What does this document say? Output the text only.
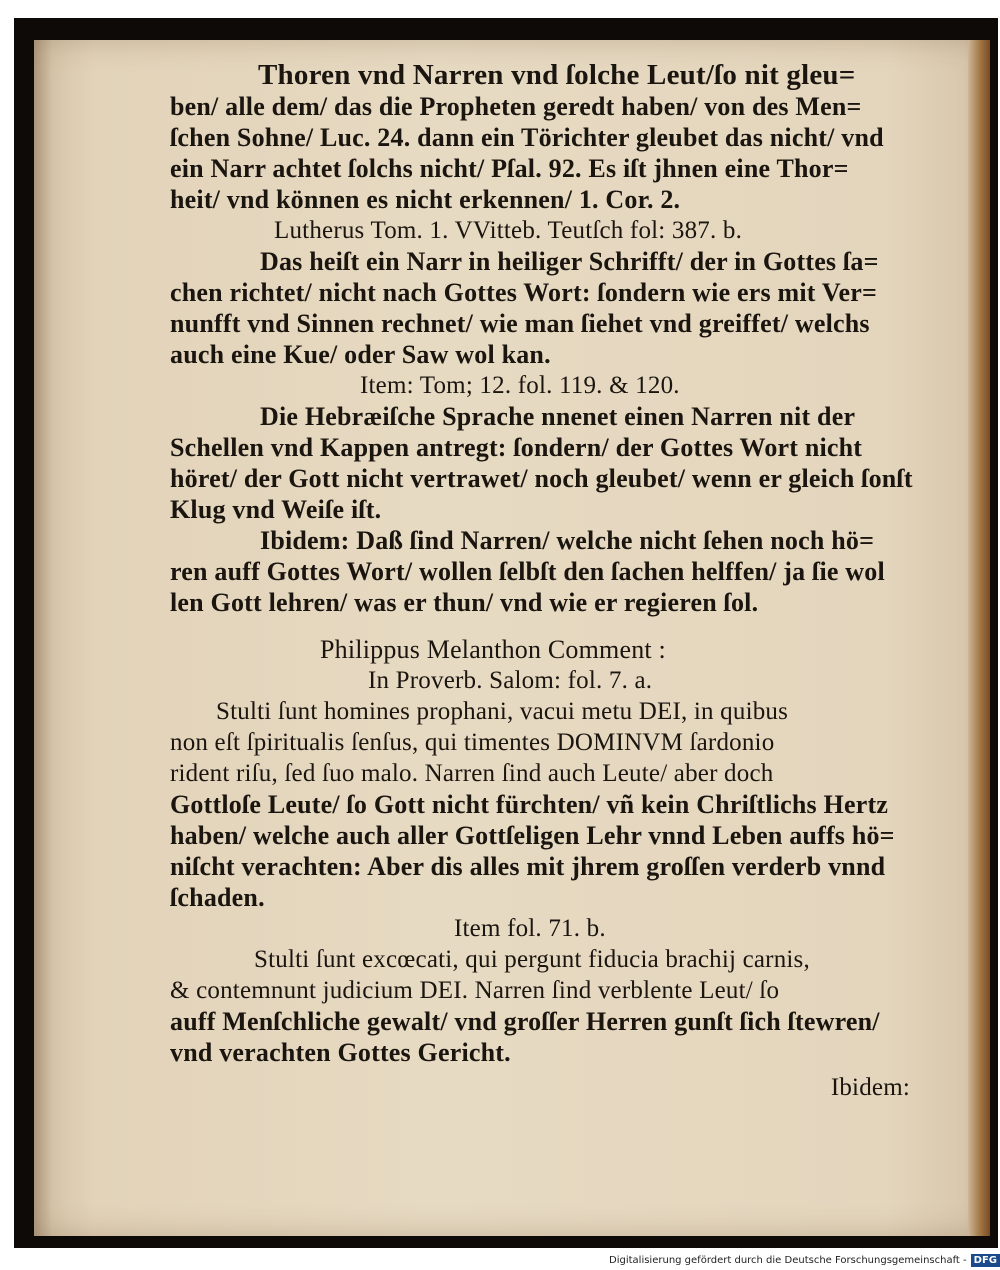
Thoren vnd Narren vnd ſolche Leut/ſo nit gleu=
ben/ alle dem/ das die Propheten geredt haben/ von des Men=
ſchen Sohne/ Luc. 24. dann ein Törichter gleubet das nicht/ vnd
ein Narr achtet ſolchs nicht/ Pſal. 92. Es iſt jhnen eine Thor=
heit/ vnd können es nicht erkennen/ 1. Cor. 2.
Lutherus Tom. 1. VVitteb. Teutſch fol: 387. b.
Das heiſt ein Narr in heiliger Schrifft/ der in Gottes ſa=
chen richtet/ nicht nach Gottes Wort: ſondern wie ers mit Ver=
nunfft vnd Sinnen rechnet/ wie man ſiehet vnd greiffet/ welchs
auch eine Kue/ oder Saw wol kan.
Item: Tom; 12. fol. 119. & 120.
Die Hebræiſche Sprache nnenet einen Narren nit der
Schellen vnd Kappen antregt: ſondern/ der Gottes Wort nicht
höret/ der Gott nicht vertrawet/ noch gleubet/ wenn er gleich ſonſt
Klug vnd Weiſe iſt.
Ibidem: Daß ſind Narren/ welche nicht ſehen noch hö=
ren auff Gottes Wort/ wollen ſelbſt den ſachen helffen/ ja ſie wol
len Gott lehren/ was er thun/ vnd wie er regieren ſol.
Philippus Melanthon Comment :
In Proverb. Salom: fol. 7. a.
Stulti ſunt homines prophani, vacui metu DEI, in quibus
non eſt ſpiritualis ſenſus, qui timentes DOMINVM ſardonio
rident riſu, ſed ſuo malo. Narren ſind auch Leute/ aber doch
Gottloſe Leute/ ſo Gott nicht fürchten/ vñ kein Chriſtlichs Hertz
haben/ welche auch aller Gottſeligen Lehr vnnd Leben auffs hö=
niſcht verachten: Aber dis alles mit jhrem groſſen verderb vnnd
ſchaden.
Item fol. 71. b.
Stulti ſunt excœcati, qui pergunt fiducia brachij carnis,
& contemnunt judicium DEI. Narren ſind verblente Leut/ ſo
auff Menſchliche gewalt/ vnd groſſer Herren gunſt ſich ſtewren/
vnd verachten Gottes Gericht.
Ibidem:
Digitalisierung gefördert durch die Deutsche Forschungsgemeinschaft - DFG
